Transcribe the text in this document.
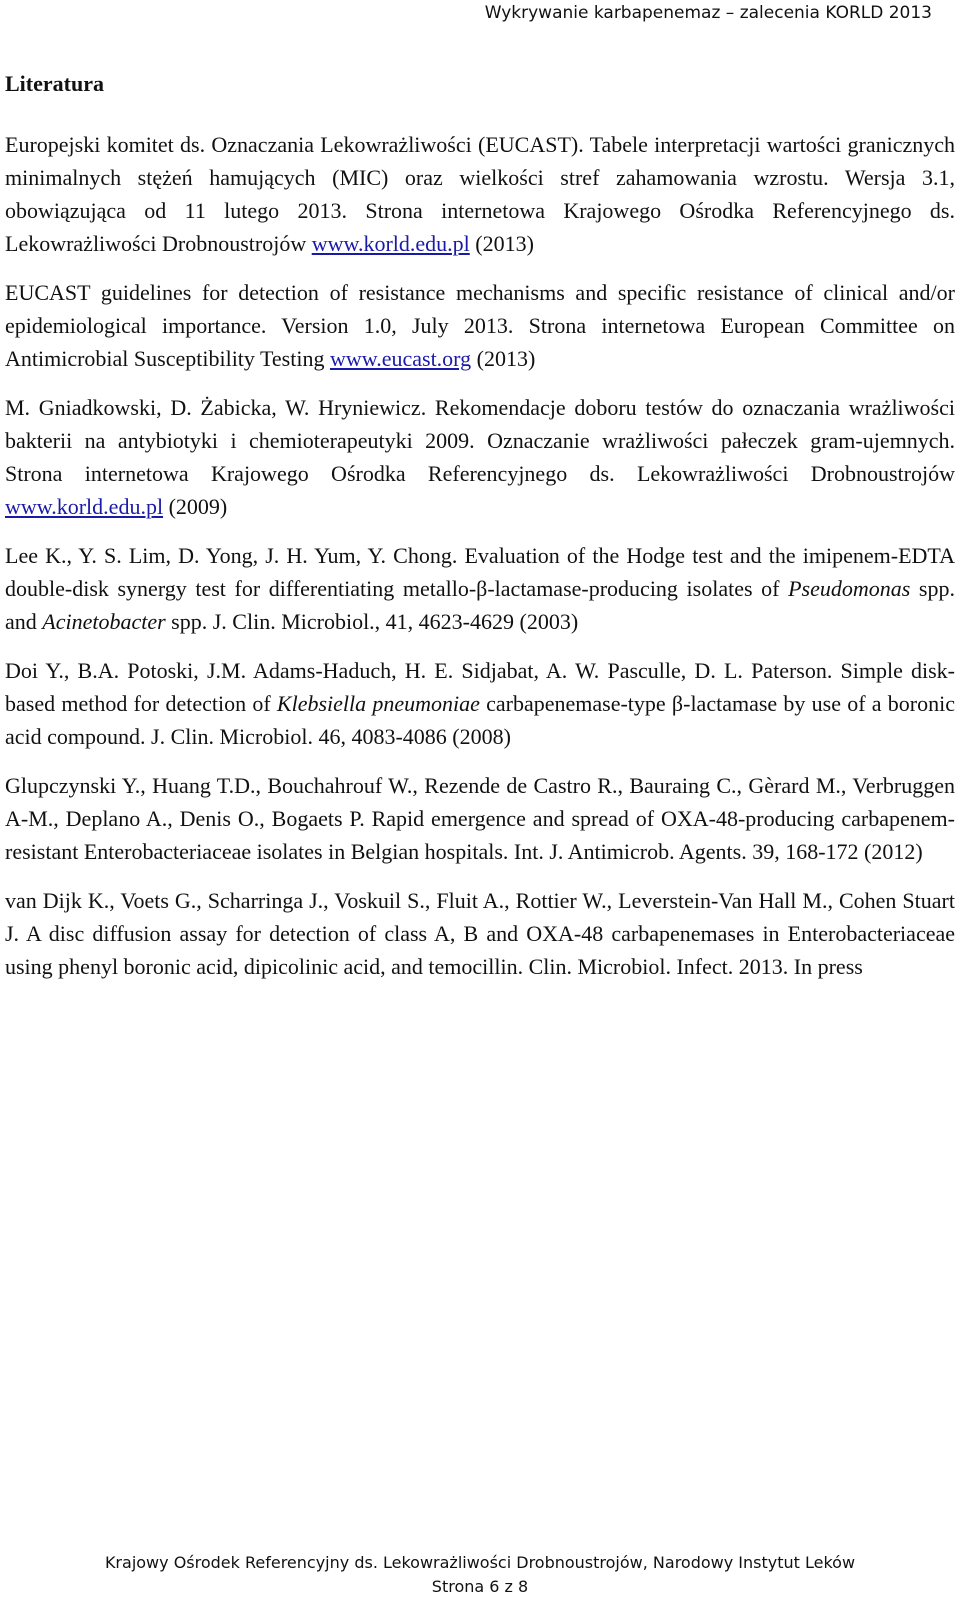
Wykrywanie karbapenemaz – zalecenia KORLD 2013
Literatura

Europejski komitet ds. Oznaczania Lekowrażliwości (EUCAST). Tabele interpretacji wartości granicznych minimalnych stężeń hamujących (MIC) oraz wielkości stref zahamowania wzrostu. Wersja 3.1, obowiązująca od 11 lutego 2013. Strona internetowa Krajowego Ośrodka Referencyjnego ds. Lekowrażliwości Drobnoustrojów www.korld.edu.pl (2013)

EUCAST guidelines for detection of resistance mechanisms and specific resistance of clinical and/or epidemiological importance. Version 1.0, July 2013. Strona internetowa European Committee on Antimicrobial Susceptibility Testing www.eucast.org (2013)

M. Gniadkowski, D. Żabicka, W. Hryniewicz. Rekomendacje doboru testów do oznaczania wrażliwości bakterii na antybiotyki i chemioterapeutyki 2009. Oznaczanie wrażliwości pałeczek gram-ujemnych. Strona internetowa Krajowego Ośrodka Referencyjnego ds. Lekowrażliwości Drobnoustrojów www.korld.edu.pl (2009)

Lee K., Y. S. Lim, D. Yong, J. H. Yum, Y. Chong. Evaluation of the Hodge test and the imipenem-EDTA double-disk synergy test for differentiating metallo-β-lactamase-producing isolates of Pseudomonas spp. and Acinetobacter spp. J. Clin. Microbiol., 41, 4623-4629 (2003)

Doi Y., B.A. Potoski, J.M. Adams-Haduch, H. E. Sidjabat, A. W. Pasculle, D. L. Paterson. Simple disk-based method for detection of Klebsiella pneumoniae carbapenemase-type β-lactamase by use of a boronic acid compound. J. Clin. Microbiol. 46, 4083-4086 (2008)

Glupczynski Y., Huang T.D., Bouchahrouf W., Rezende de Castro R., Bauraing C., Gèrard M., Verbruggen A-M., Deplano A., Denis O., Bogaets P. Rapid emergence and spread of OXA-48-producing carbapenem-resistant Enterobacteriaceae isolates in Belgian hospitals. Int. J. Antimicrob. Agents. 39, 168-172 (2012)

van Dijk K., Voets G., Scharringa J., Voskuil S., Fluit A., Rottier W., Leverstein-Van Hall M., Cohen Stuart J. A disc diffusion assay for detection of class A, B and OXA-48 carbapenemases in Enterobacteriaceae using phenyl boronic acid, dipicolinic acid, and temocillin. Clin. Microbiol. Infect. 2013. In press

Krajowy Ośrodek Referencyjny ds. Lekowrażliwości Drobnoustrojów, Narodowy Instytut Leków
Strona 6 z 8
